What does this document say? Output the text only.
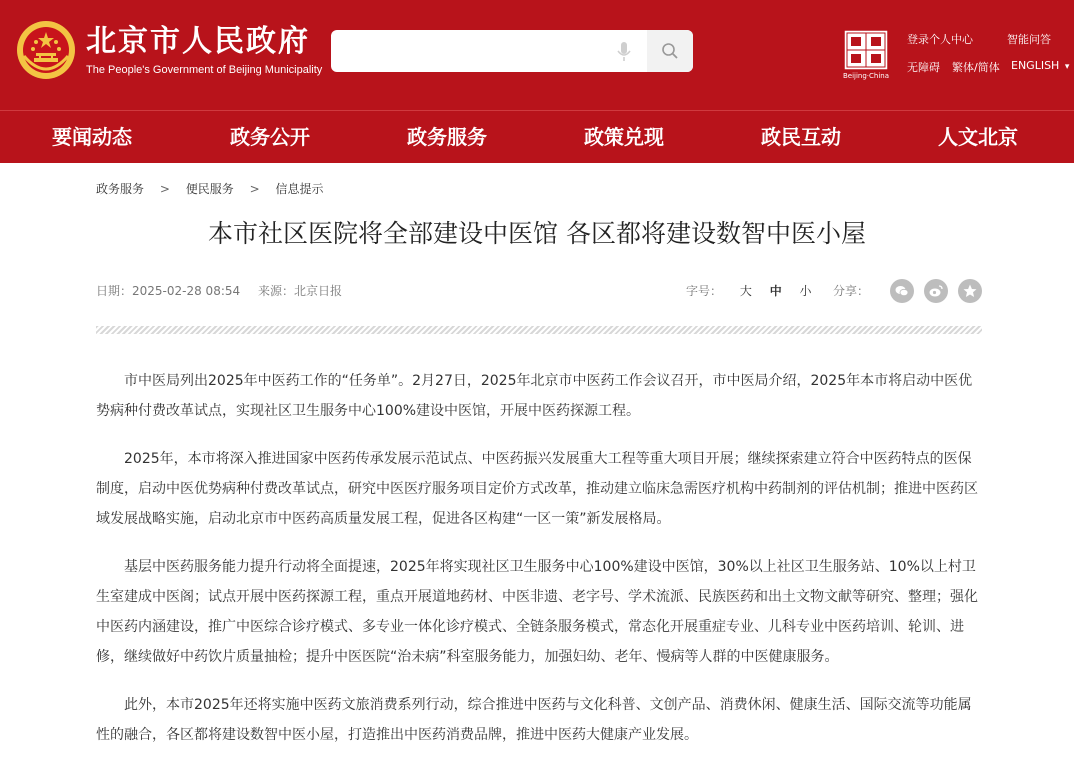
北京市人民政府
The People's Government of Beijing Municipality	Beijing·China
登录个人中心	智能问答
无障碍 繁体/简体 ENGLISH ▾
要闻动态	政务公开	政务服务	政策兑现	政民互动	人文北京
政务服务 > 便民服务 > 信息提示
本市社区医院将全部建设中医馆 各区都将建设数智中医小屋
日期：2025-02-28 08:54 来源：北京日报	字号： 大 中 小 分享：

市中医局列出2025年中医药工作的“任务单”。2月27日，2025年北京市中医药工作会议召开，市中医局介绍，2025年本市将启动中医优势病种付费改革试点，实现社区卫生服务中心100%建设中医馆，开展中医药探源工程。

2025年，本市将深入推进国家中医药传承发展示范试点、中医药振兴发展重大工程等重大项目开展；继续探索建立符合中医药特点的医保制度，启动中医优势病种付费改革试点，研究中医医疗服务项目定价方式改革，推动建立临床急需医疗机构中药制剂的评估机制；推进中医药区域发展战略实施，启动北京市中医药高质量发展工程，促进各区构建“一区一策”新发展格局。

基层中医药服务能力提升行动将全面提速，2025年将实现社区卫生服务中心100%建设中医馆，30%以上社区卫生服务站、10%以上村卫生室建成中医阁；试点开展中医药探源工程，重点开展道地药材、中医非遗、老字号、学术流派、民族医药和出土文物文献等研究、整理；强化中医药内涵建设，推广中医综合诊疗模式、多专业一体化诊疗模式、全链条服务模式，常态化开展重症专业、儿科专业中医药培训、轮训、进修，继续做好中药饮片质量抽检；提升中医医院“治未病”科室服务能力，加强妇幼、老年、慢病等人群的中医健康服务。

此外，本市2025年还将实施中医药文旅消费系列行动，综合推进中医药与文化科普、文创产品、消费休闲、健康生活、国际交流等功能属性的融合，各区都将建设数智中医小屋，打造推出中医药消费品牌，推进中医药大健康产业发展。
